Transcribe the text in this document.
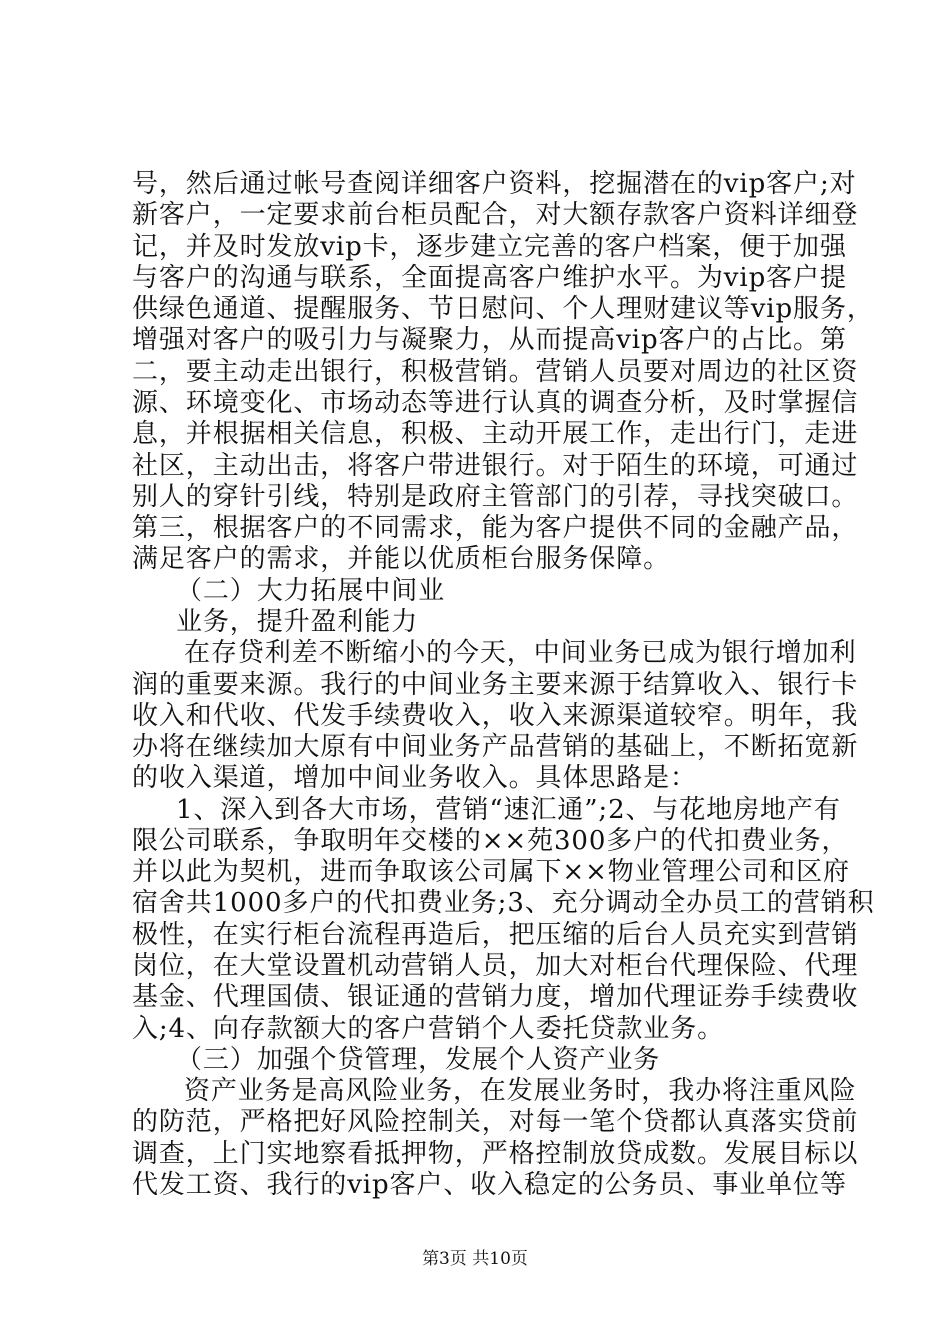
号，然后通过帐号查阅详细客户资料，挖掘潜在的vip客户;对
新客户，一定要求前台柜员配合，对大额存款客户资料详细登
记，并及时发放vip卡，逐步建立完善的客户档案，便于加强
与客户的沟通与联系，全面提高客户维护水平。为vip客户提
供绿色通道、提醒服务、节日慰问、个人理财建议等vip服务，
增强对客户的吸引力与凝聚力，从而提高vip客户的占比。第
二，要主动走出银行，积极营销。营销人员要对周边的社区资
源、环境变化、市场动态等进行认真的调查分析，及时掌握信
息，并根据相关信息，积极、主动开展工作，走出行门，走进
社区，主动出击，将客户带进银行。对于陌生的环境，可通过
别人的穿针引线，特别是政府主管部门的引荐，寻找突破口。
第三，根据客户的不同需求，能为客户提供不同的金融产品，
满足客户的需求，并能以优质柜台服务保障。
（二）大力拓展中间业
业务，提升盈利能力
在存贷利差不断缩小的今天，中间业务已成为银行增加利
润的重要来源。我行的中间业务主要来源于结算收入、银行卡
收入和代收、代发手续费收入，收入来源渠道较窄。明年，我
办将在继续加大原有中间业务产品营销的基础上，不断拓宽新
的收入渠道，增加中间业务收入。具体思路是：
1、深入到各大市场，营销“速汇通”;2、与花地房地产有
限公司联系，争取明年交楼的××苑300多户的代扣费业务，
并以此为契机，进而争取该公司属下××物业管理公司和区府
宿舍共1000多户的代扣费业务;3、充分调动全办员工的营销积
极性，在实行柜台流程再造后，把压缩的后台人员充实到营销
岗位，在大堂设置机动营销人员，加大对柜台代理保险、代理
基金、代理国债、银证通的营销力度，增加代理证券手续费收
入;4、向存款额大的客户营销个人委托贷款业务。
（三）加强个贷管理，发展个人资产业务
资产业务是高风险业务，在发展业务时，我办将注重风险
的防范，严格把好风险控制关，对每一笔个贷都认真落实贷前
调查，上门实地察看抵押物，严格控制放贷成数。发展目标以
代发工资、我行的vip客户、收入稳定的公务员、事业单位等
第3页 共10页
